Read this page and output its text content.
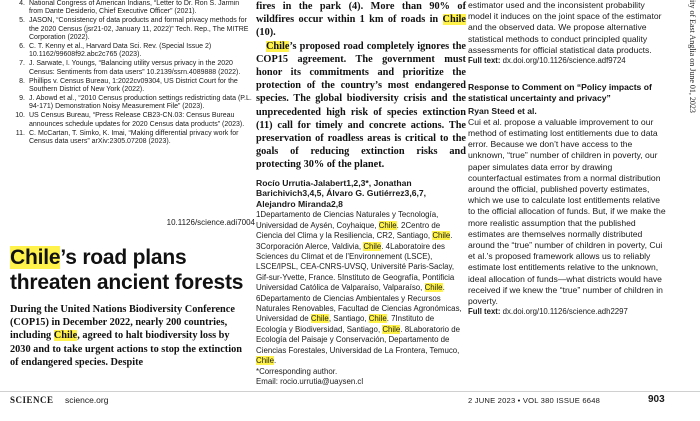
4. National Congress of American Indians, “Letter to Dr. Ron S. Jarmin from Dante Desiderio, Chief Executive Officer” (2021).
5. JASON, “Consistency of data products and formal privacy methods for the 2020 Census (jsr21-02, January 11, 2022)” Tech. Rep., The MITRE Corporation (2022).
6. C. T. Kenny et al., Harvard Data Sci. Rev. (Special Issue 2) 10.1162/99608f92.abc2c765 (2023).
7. J. Sarwate, I. Youngs, “Balancing utility versus privacy in the 2020 Census: Sentiments from data users” 10.2139/ssrn.4089888 (2022).
8. Phillips v. Census Bureau, 1:2022cv09304, US District Court for the Southern District of New York (2022).
9. J. Abowd et al., “2010 Census production settings redistricting data (P.L. 94-171) Demonstration Noisy Measurement File” (2023).
10. US Census Bureau, “Press Release CB23-CN.03: Census Bureau announces schedule updates for 2020 Census data products” (2023).
11. C. McCartan, T. Simko, K. Imai, “Making differential privacy work for Census data users” arXiv:2305.07208 (2023).
10.1126/science.adi7004
Chile’s road plans threaten ancient forests

During the United Nations Biodiversity Conference (COP15) in December 2022, nearly 200 countries, including Chile, agreed to halt biodiversity loss by 2030 and to take urgent actions to stop the extinction of endangered species. Despite

fires in the park (4). More than 90% of wildfires occur within 1 km of roads in Chile (10).

Chile’s proposed road completely ignores the COP15 agreement. The government must honor its commitments and prioritize the protection of the country’s most endangered species. The global biodiversity crisis and the unprecedented high risk of species extinction (11) call for timely and concrete actions. The preservation of roadless areas is critical to the goals of reducing extinction risks and protecting 30% of the planet.

Rocío Urrutia-Jalabert1,2,3*, Jonathan Barichivich3,4,5, Álvaro G. Gutiérrez3,6,7, Alejandro Miranda2,8
1Departamento de Ciencias Naturales y Tecnología, Universidad de Aysén, Coyhaique, Chile. 2Centro de Ciencia del Clima y la Resiliencia, CR2, Santiago, Chile. 3Corporación Alerce, Valdivia, Chile. 4Laboratoire des Sciences du Climat et de l’Environnement (LSCE), LSCE/IPSL, CEA-CNRS-UVSQ, Université Paris-Saclay, Gif-sur-Yvette, France. 5Instituto de Geografía, Pontificia Universidad Católica de Valparaíso, Valparaíso, Chile. 6Departamento de Ciencias Ambientales y Recursos Naturales Renovables, Facultad de Ciencias Agronómicas, Universidad de Chile, Santiago, Chile. 7Instituto de Ecología y Biodiversidad, Santiago, Chile. 8Laboratorio de Ecología del Paisaje y Conservación, Departamento de Ciencias Forestales, Universidad de La Frontera, Temuco, Chile.
*Corresponding author.
Email: rocio.urrutia@uaysen.cl

estimator used and the inconsistent probability model it induces on the joint space of the estimator and the observed data. We propose alternative statistical methods to conduct principled quality assessments for official statistical data products.

Full text: dx.doi.org/10.1126/science.adf9724

Response to Comment on “Policy impacts of statistical uncertainty and privacy”
Ryan Steed et al.

Cui et al. propose a valuable improvement to our method of estimating lost entitlements due to data error. Because we don’t have access to the unknown, “true” number of children in poverty, our paper simulates data error by drawing counterfactual estimates from a normal distribution around the official, published poverty estimates, which we use to calculate lost entitlements relative to the official allocation of funds. But, if we make the more realistic assumption that the published estimates are themselves normally distributed around the “true” number of children in poverty, Cui et al.’s proposed framework allows us to reliably estimate lost entitlements relative to the unknown, ideal allocation of funds—what districts would have received if we knew the “true” number of children in poverty.

Full text: dx.doi.org/10.1126/science.adh2297

ity of East Anglia on June 01, 2023
SCIENCE science.org	2 JUNE 2023 • VOL 380 ISSUE 6648	903
